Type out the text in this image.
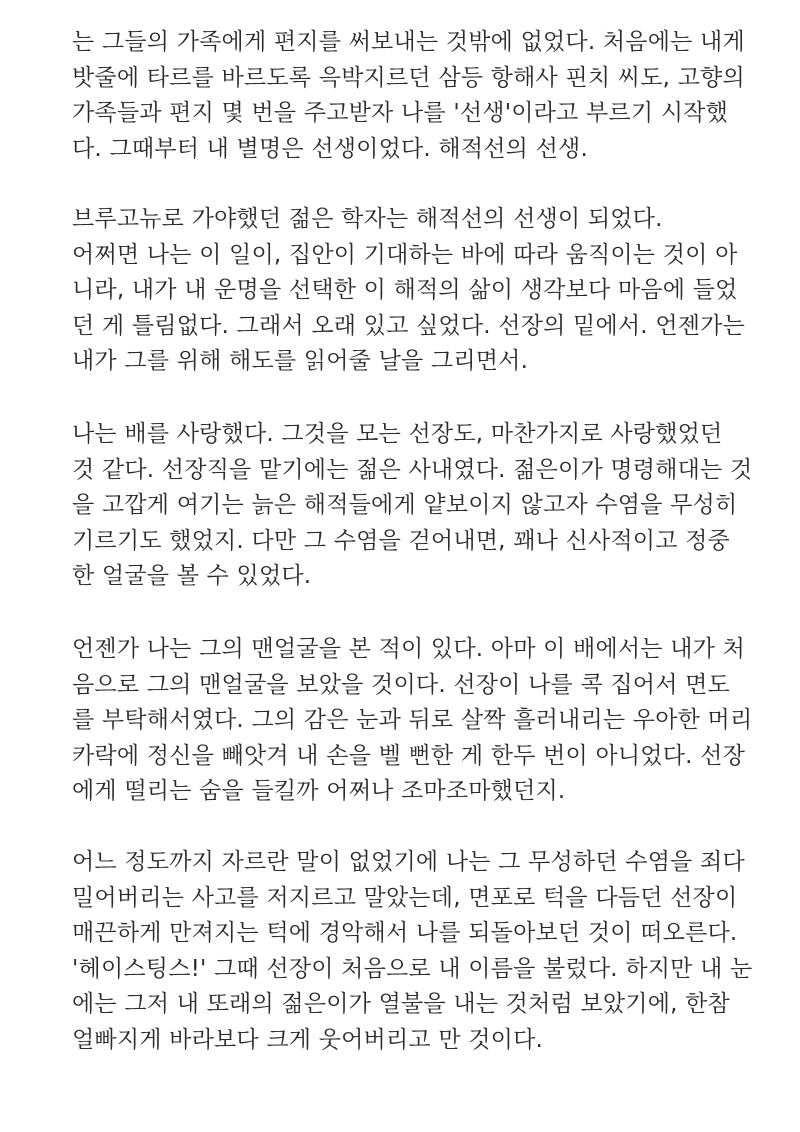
는 그들의 가족에게 편지를 써보내는 것밖에 없었다. 처음에는 내게
밧줄에 타르를 바르도록 윽박지르던 삼등 항해사 핀치 씨도, 고향의
가족들과 편지 몇 번을 주고받자 나를 '선생'이라고 부르기 시작했
다. 그때부터 내 별명은 선생이었다. 해적선의 선생.
브루고뉴로 가야했던 젊은 학자는 해적선의 선생이 되었다.
어쩌면 나는 이 일이, 집안이 기대하는 바에 따라 움직이는 것이 아
니라, 내가 내 운명을 선택한 이 해적의 삶이 생각보다 마음에 들었
던 게 틀림없다. 그래서 오래 있고 싶었다. 선장의 밑에서. 언젠가는
내가 그를 위해 해도를 읽어줄 날을 그리면서.
나는 배를 사랑했다. 그것을 모는 선장도, 마찬가지로 사랑했었던
것 같다. 선장직을 맡기에는 젊은 사내였다. 젊은이가 명령해대는 것
을 고깝게 여기는 늙은 해적들에게 얕보이지 않고자 수염을 무성히
기르기도 했었지. 다만 그 수염을 걷어내면, 꽤나 신사적이고 정중
한 얼굴을 볼 수 있었다.
언젠가 나는 그의 맨얼굴을 본 적이 있다. 아마 이 배에서는 내가 처
음으로 그의 맨얼굴을 보았을 것이다. 선장이 나를 콕 집어서 면도
를 부탁해서였다. 그의 감은 눈과 뒤로 살짝 흘러내리는 우아한 머리
카락에 정신을 빼앗겨 내 손을 벨 뻔한 게 한두 번이 아니었다. 선장
에게 떨리는 숨을 들킬까 어쩌나 조마조마했던지.
어느 정도까지 자르란 말이 없었기에 나는 그 무성하던 수염을 죄다
밀어버리는 사고를 저지르고 말았는데, 면포로 턱을 다듬던 선장이
매끈하게 만져지는 턱에 경악해서 나를 되돌아보던 것이 떠오른다.
'헤이스팅스!' 그때 선장이 처음으로 내 이름을 불렀다. 하지만 내 눈
에는 그저 내 또래의 젊은이가 열불을 내는 것처럼 보았기에, 한참
얼빠지게 바라보다 크게 웃어버리고 만 것이다.
